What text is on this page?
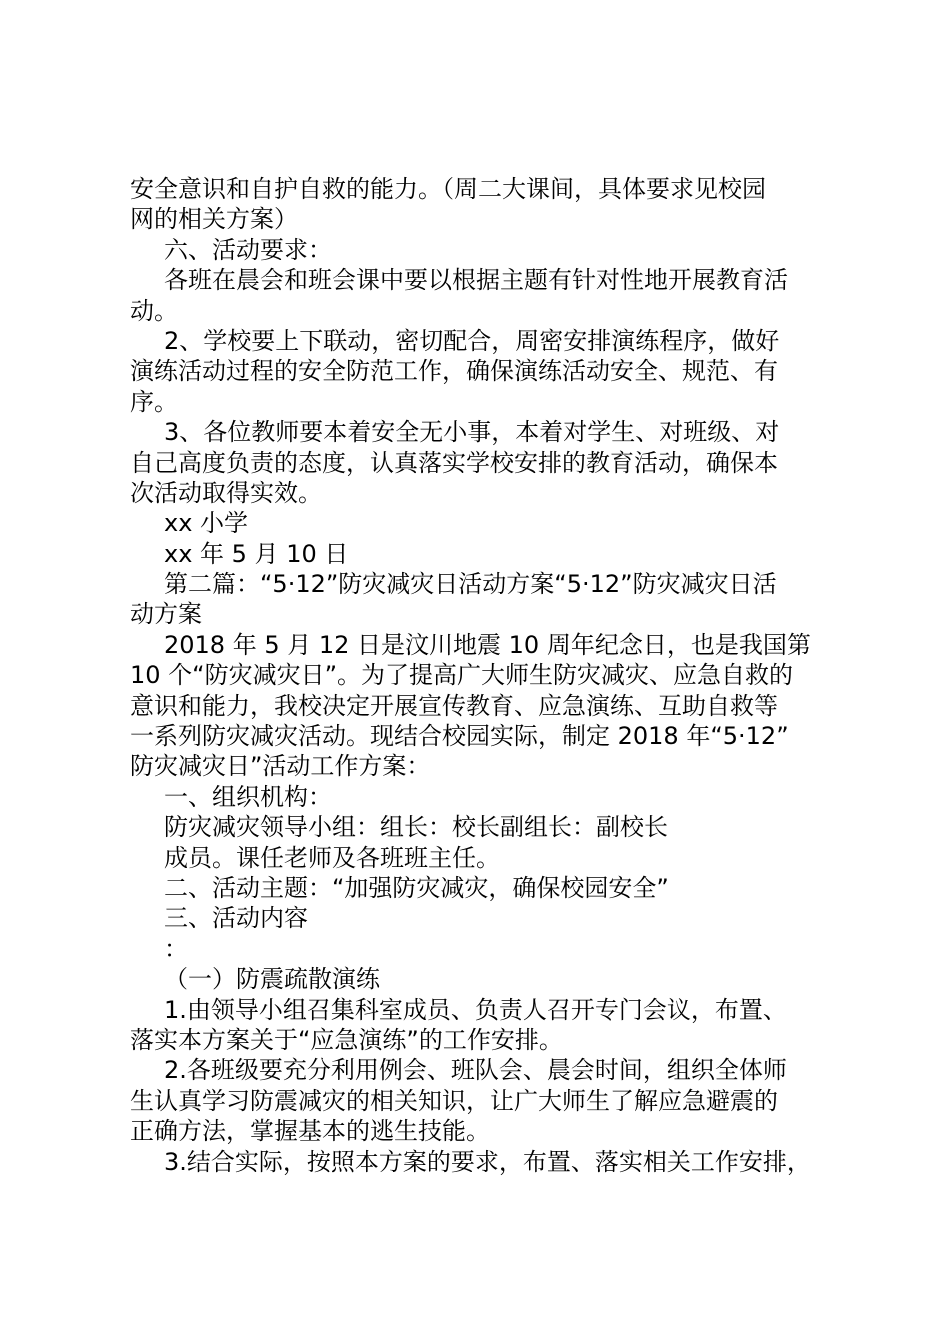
安全意识和自护自救的能力。（周二大课间，具体要求见校园
网的相关方案）
六、活动要求：
各班在晨会和班会课中要以根据主题有针对性地开展教育活
动。
2、学校要上下联动，密切配合，周密安排演练程序，做好
演练活动过程的安全防范工作，确保演练活动安全、规范、有
序。
3、各位教师要本着安全无小事，本着对学生、对班级、对
自己高度负责的态度，认真落实学校安排的教育活动，确保本
次活动取得实效。
xx 小学
xx 年 5 月 10 日
第二篇：“5·12”防灾减灾日活动方案“5·12”防灾减灾日活
动方案
2018 年 5 月 12 日是汶川地震 10 周年纪念日，也是我国第
10 个“防灾减灾日”。为了提高广大师生防灾减灾、应急自救的
意识和能力，我校决定开展宣传教育、应急演练、互助自救等
一系列防灾减灾活动。现结合校园实际，制定 2018 年“5·12”
防灾减灾日”活动工作方案：
一、组织机构：
防灾减灾领导小组：组长：校长副组长：副校长
成员。课任老师及各班班主任。
二、活动主题：“加强防灾减灾，确保校园安全”
三、活动内容
：
（一）防震疏散演练
1.由领导小组召集科室成员、负责人召开专门会议，布置、
落实本方案关于“应急演练”的工作安排。
2.各班级要充分利用例会、班队会、晨会时间，组织全体师
生认真学习防震减灾的相关知识，让广大师生了解应急避震的
正确方法，掌握基本的逃生技能。
3.结合实际，按照本方案的要求，布置、落实相关工作安排，
